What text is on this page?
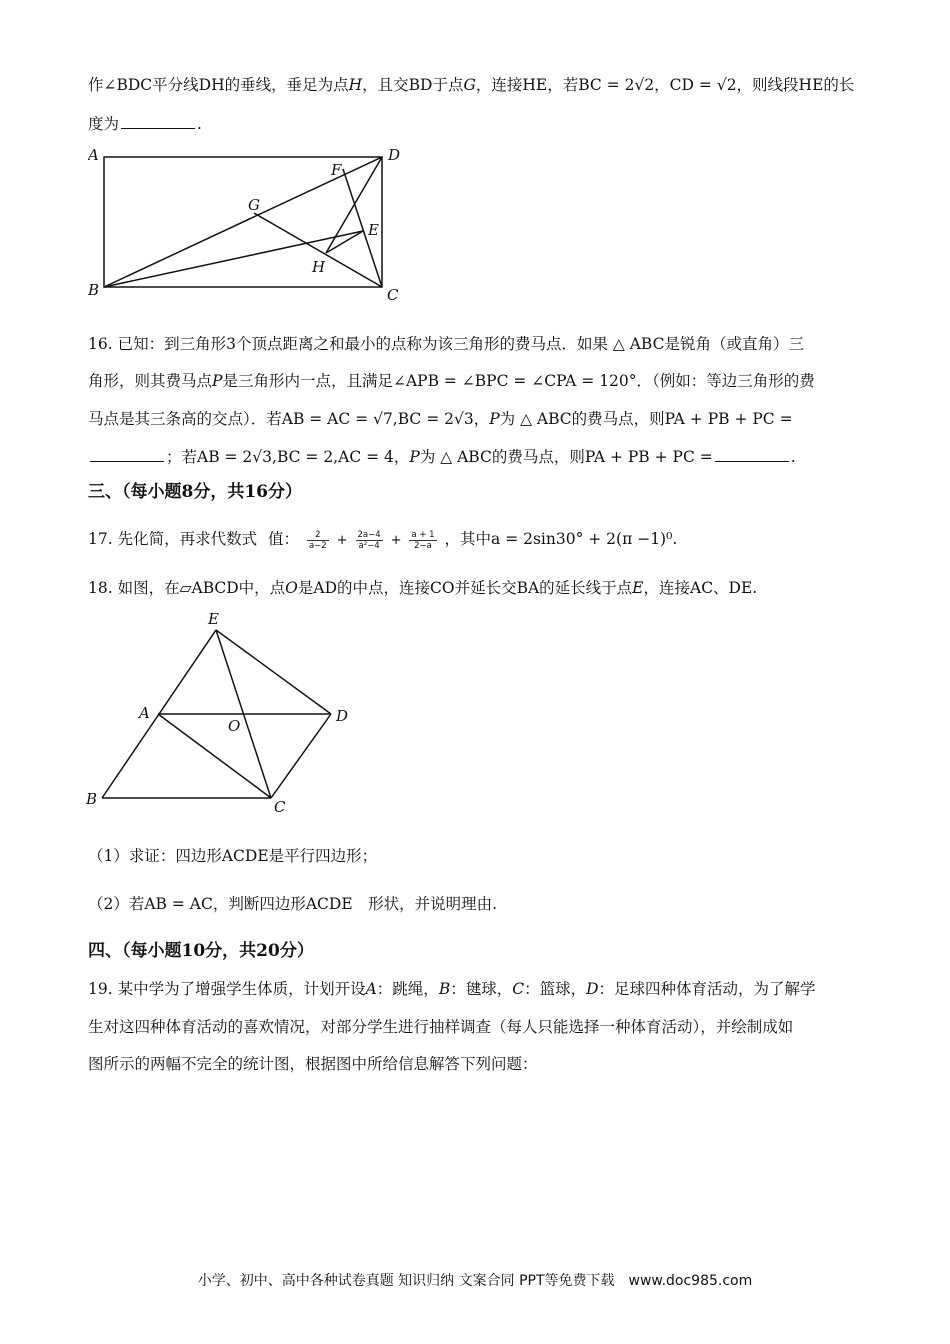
作∠BDC平分线DH的垂线，垂足为点H，且交BD于点G，连接HE，若BC = 2√2，CD = √2，则线段HE的长
度为	.
A	D
B	C
F
G
E
H
16. 已知：到三角形3个顶点距离之和最小的点称为该三角形的费马点．如果 △ ABC是锐角（或直角）三
角形，则其费马点P是三角形内一点，且满足∠APB = ∠BPC = ∠CPA = 120°．（例如：等边三角形的费
马点是其三条高的交点）．若AB = AC = √7,BC = 2√3，P为 △ ABC的费马点，则PA + PB + PC =
；若AB = 2√3,BC = 2,AC = 4，P为 △ ABC的费马点，则PA + PB + PC =	.
三、（每小题8分，共16分）
17. 先化简，再求代数式 值： $\frac{2}{a-2} + \frac{2a-4}{\text{a²−4}} + \frac{a + 1}{2-a}$ ，其中a = 2sin30° + 2(π −1)⁰.
18. 如图，在▱ABCD中，点O是AD的中点，连接CO并延长交BA的延长线于点E，连接AC、DE.
E
A
O
D
B	C
（1）求证：四边形ACDE是平行四边形；
（2）若AB = AC，判断四边形ACDE　形状，并说明理由.
四、（每小题10分，共20分）
19. 某中学为了增强学生体质，计划开设A：跳绳，B：毽球，C：篮球，D：足球四种体育活动，为了解学
生对这四种体育活动的喜欢情况，对部分学生进行抽样调查（每人只能选择一种体育活动），并绘制成如
图所示的两幅不完全的统计图，根据图中所给信息解答下列问题：
小学、初中、高中各种试卷真题 知识归纳 文案合同 PPT等免费下载　www.doc985.com
